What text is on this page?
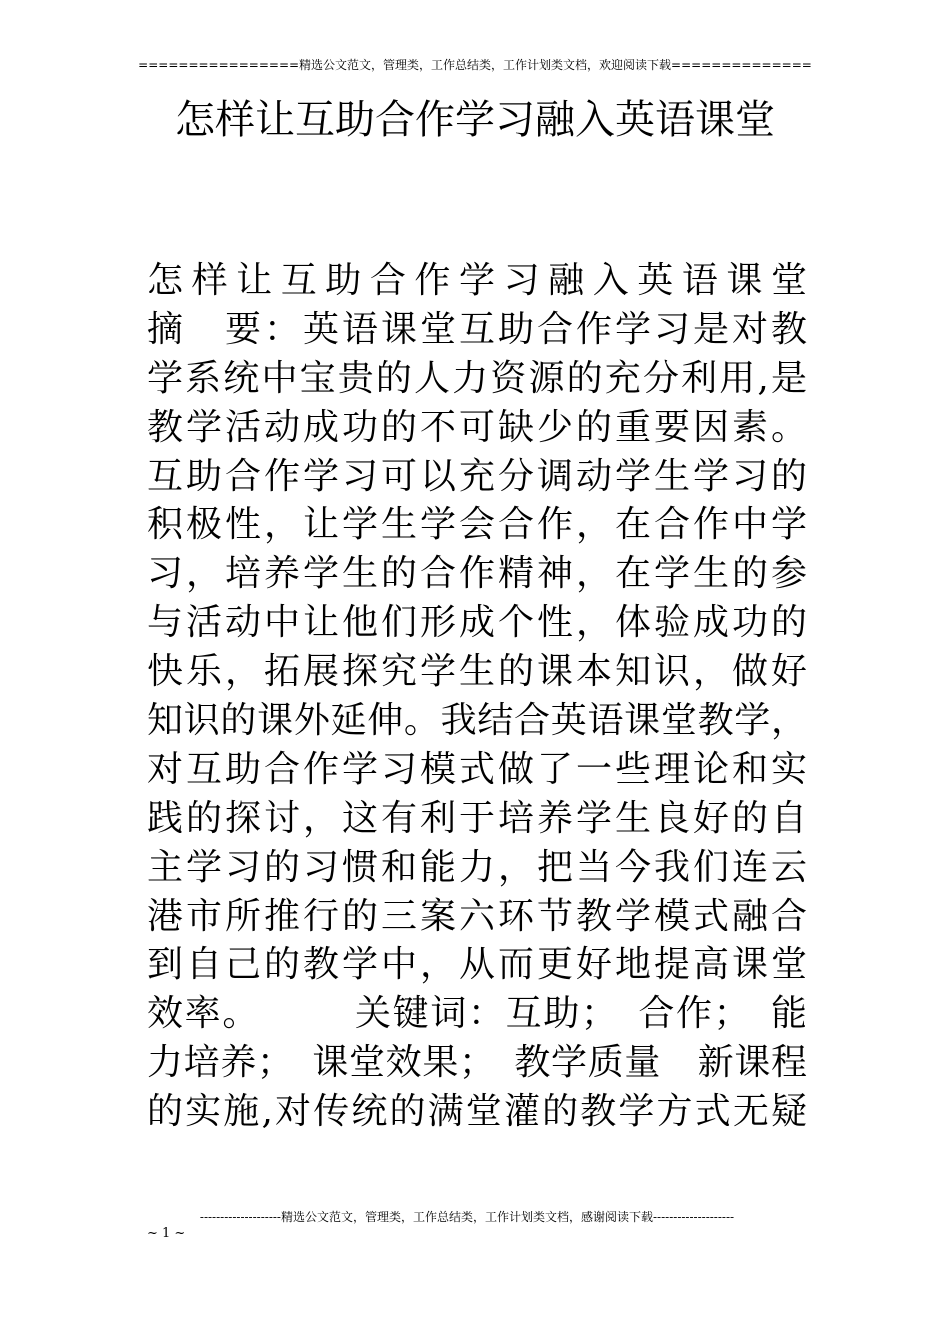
================精选公文范文，管理类，工作总结类，工作计划类文档，欢迎阅读下载==============
怎样让互助合作学习融入英语课堂
怎样让互助合作学习融入英语课堂
摘　要：英语课堂互助合作学习是对教
学系统中宝贵的人力资源的充分利用,是
教学活动成功的不可缺少的重要因素。
互助合作学习可以充分调动学生学习的
积极性，让学生学会合作，在合作中学
习，培养学生的合作精神，在学生的参
与活动中让他们形成个性，体验成功的
快乐，拓展探究学生的课本知识，做好
知识的课外延伸。我结合英语课堂教学，
对互助合作学习模式做了一些理论和实
践的探讨，这有利于培养学生良好的自
主学习的习惯和能力，把当今我们连云
港市所推行的三案六环节教学模式融合
到自己的教学中，从而更好地提高课堂
效率。　　　关键词：互助；　合作；　能
力培养；　课堂效果；　教学质量　新课程
的实施,对传统的满堂灌的教学方式无疑
--------------------精选公文范文，管理类，工作总结类，工作计划类文档，感谢阅读下载--------------------
~ 1 ~
